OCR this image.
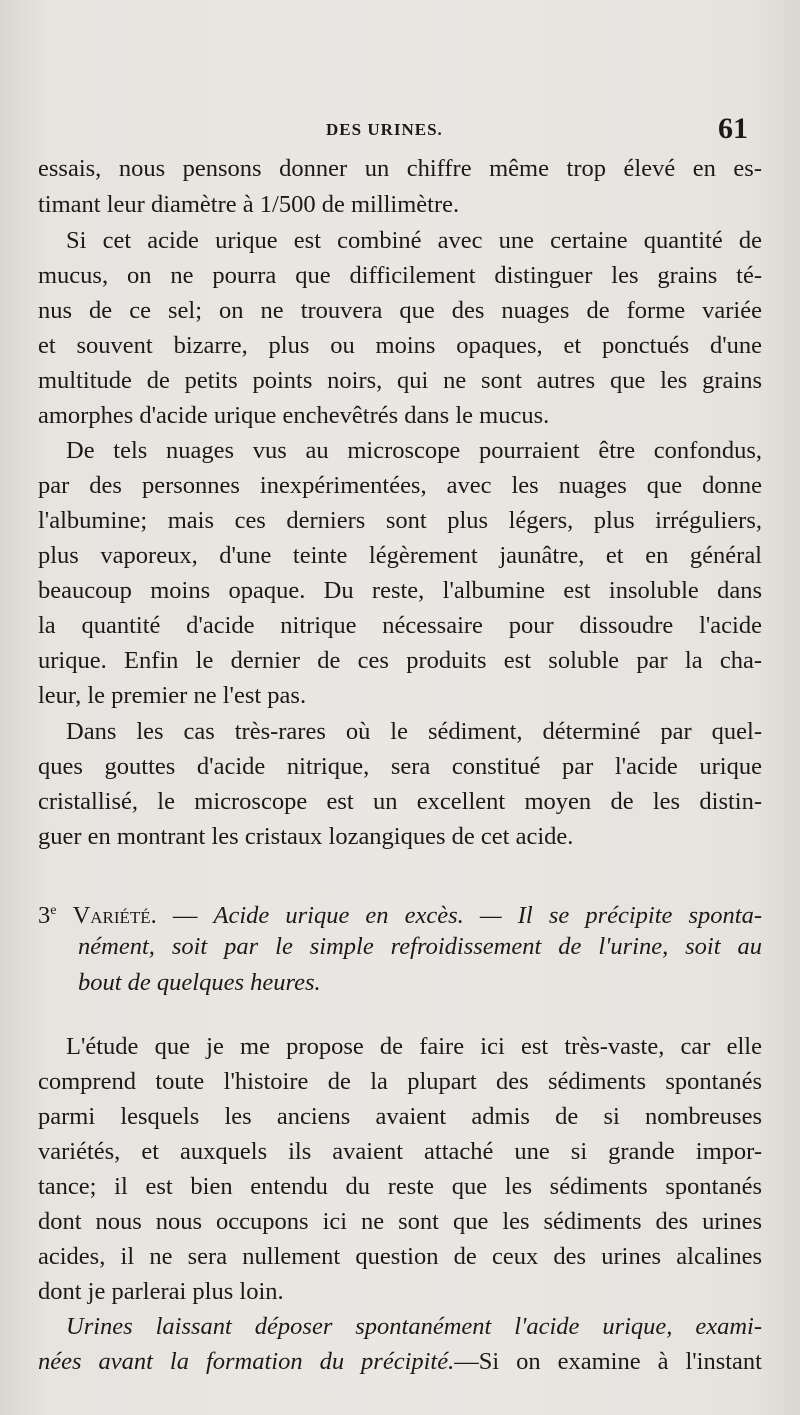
DES URINES.	61
essais, nous pensons donner un chiffre même trop élevé en es-
timant leur diamètre à 1/500 de millimètre.
Si cet acide urique est combiné avec une certaine quantité de
mucus, on ne pourra que difficilement distinguer les grains té-
nus de ce sel; on ne trouvera que des nuages de forme variée
et souvent bizarre, plus ou moins opaques, et ponctués d'une
multitude de petits points noirs, qui ne sont autres que les grains
amorphes d'acide urique enchevêtrés dans le mucus.
De tels nuages vus au microscope pourraient être confondus,
par des personnes inexpérimentées, avec les nuages que donne
l'albumine; mais ces derniers sont plus légers, plus irréguliers,
plus vaporeux, d'une teinte légèrement jaunâtre, et en général
beaucoup moins opaque. Du reste, l'albumine est insoluble dans
la quantité d'acide nitrique nécessaire pour dissoudre l'acide
urique. Enfin le dernier de ces produits est soluble par la cha-
leur, le premier ne l'est pas.
Dans les cas très-rares où le sédiment, déterminé par quel-
ques gouttes d'acide nitrique, sera constitué par l'acide urique
cristallisé, le microscope est un excellent moyen de les distin-
guer en montrant les cristaux lozangiques de cet acide.
3e Variété. — Acide urique en excès. — Il se précipite sponta-
nément, soit par le simple refroidissement de l'urine, soit au
bout de quelques heures.
L'étude que je me propose de faire ici est très-vaste, car elle
comprend toute l'histoire de la plupart des sédiments spontanés
parmi lesquels les anciens avaient admis de si nombreuses
variétés, et auxquels ils avaient attaché une si grande impor-
tance; il est bien entendu du reste que les sédiments spontanés
dont nous nous occupons ici ne sont que les sédiments des urines
acides, il ne sera nullement question de ceux des urines alcalines
dont je parlerai plus loin.
Urines laissant déposer spontanément l'acide urique, exami-
nées avant la formation du précipité.—Si on examine à l'instant
